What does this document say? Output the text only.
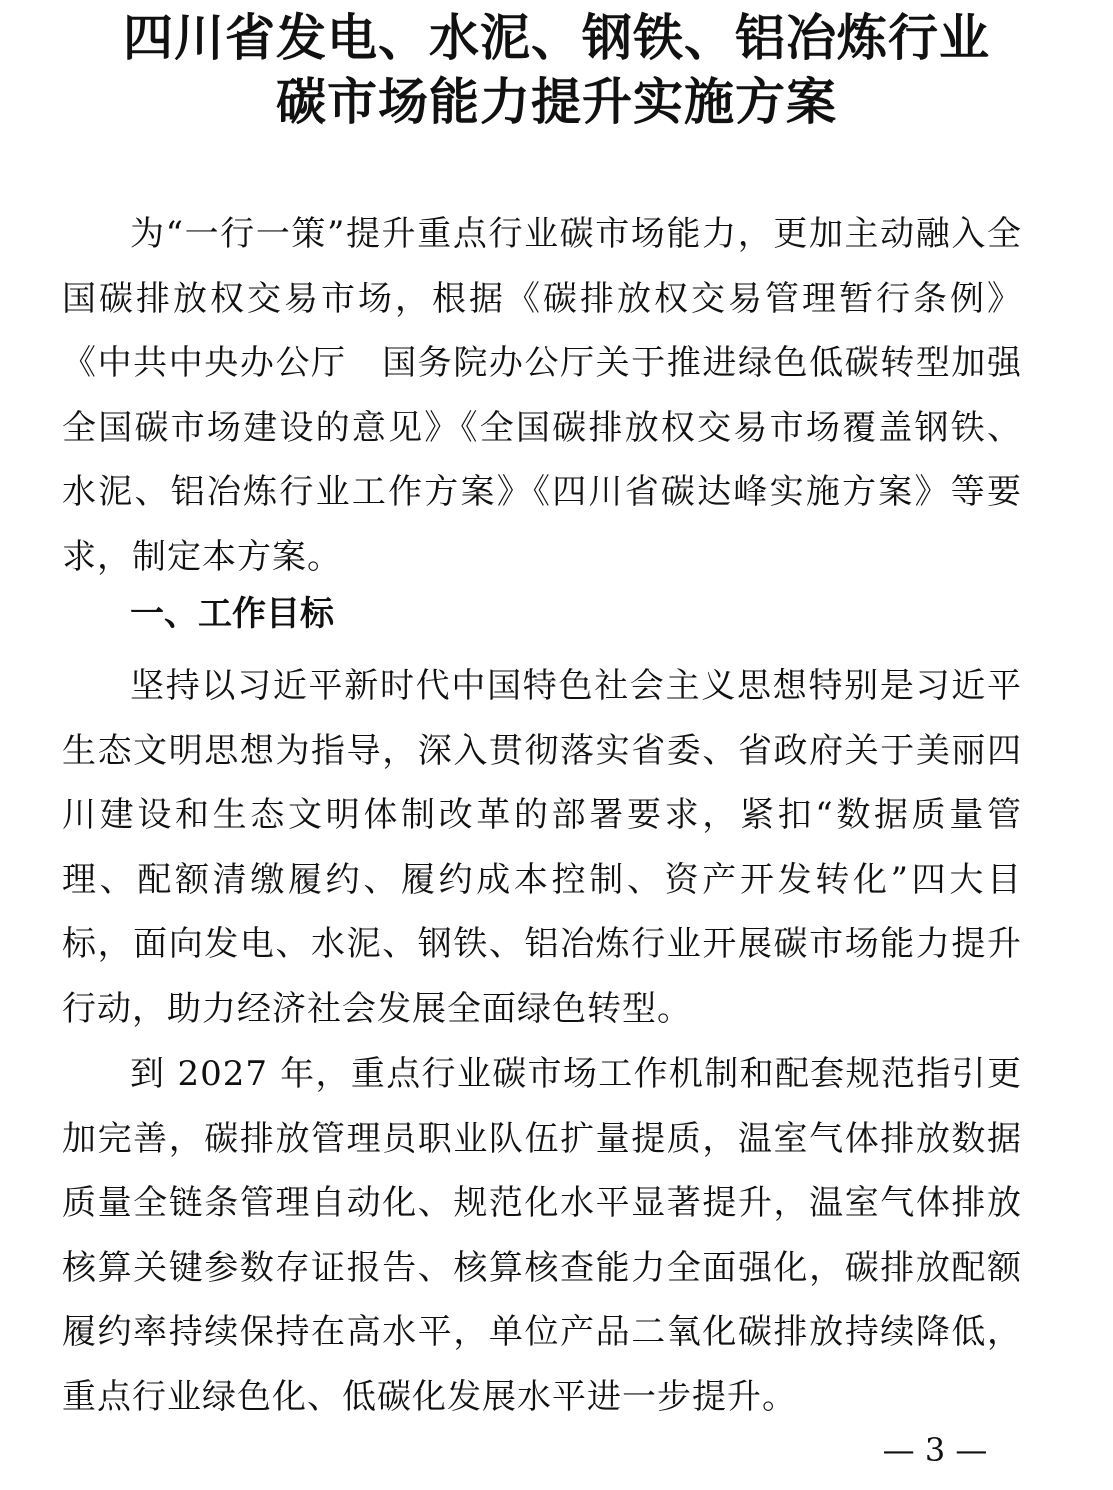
四川省发电、水泥、钢铁、铝冶炼行业
碳市场能力提升实施方案

为“一行一策”提升重点行业碳市场能力，更加主动融入全国碳排放权交易市场，根据《碳排放权交易管理暂行条例》《中共中央办公厅　国务院办公厅关于推进绿色低碳转型加强全国碳市场建设的意见》《全国碳排放权交易市场覆盖钢铁、水泥、铝冶炼行业工作方案》《四川省碳达峰实施方案》等要求，制定本方案。

一、工作目标

坚持以习近平新时代中国特色社会主义思想特别是习近平生态文明思想为指导，深入贯彻落实省委、省政府关于美丽四川建设和生态文明体制改革的部署要求，紧扣“数据质量管理、配额清缴履约、履约成本控制、资产开发转化”四大目标，面向发电、水泥、钢铁、铝冶炼行业开展碳市场能力提升行动，助力经济社会发展全面绿色转型。

到 2027 年，重点行业碳市场工作机制和配套规范指引更加完善，碳排放管理员职业队伍扩量提质，温室气体排放数据质量全链条管理自动化、规范化水平显著提升，温室气体排放核算关键参数存证报告、核算核查能力全面强化，碳排放配额履约率持续保持在高水平，单位产品二氧化碳排放持续降低，重点行业绿色化、低碳化发展水平进一步提升。

— 3 —
